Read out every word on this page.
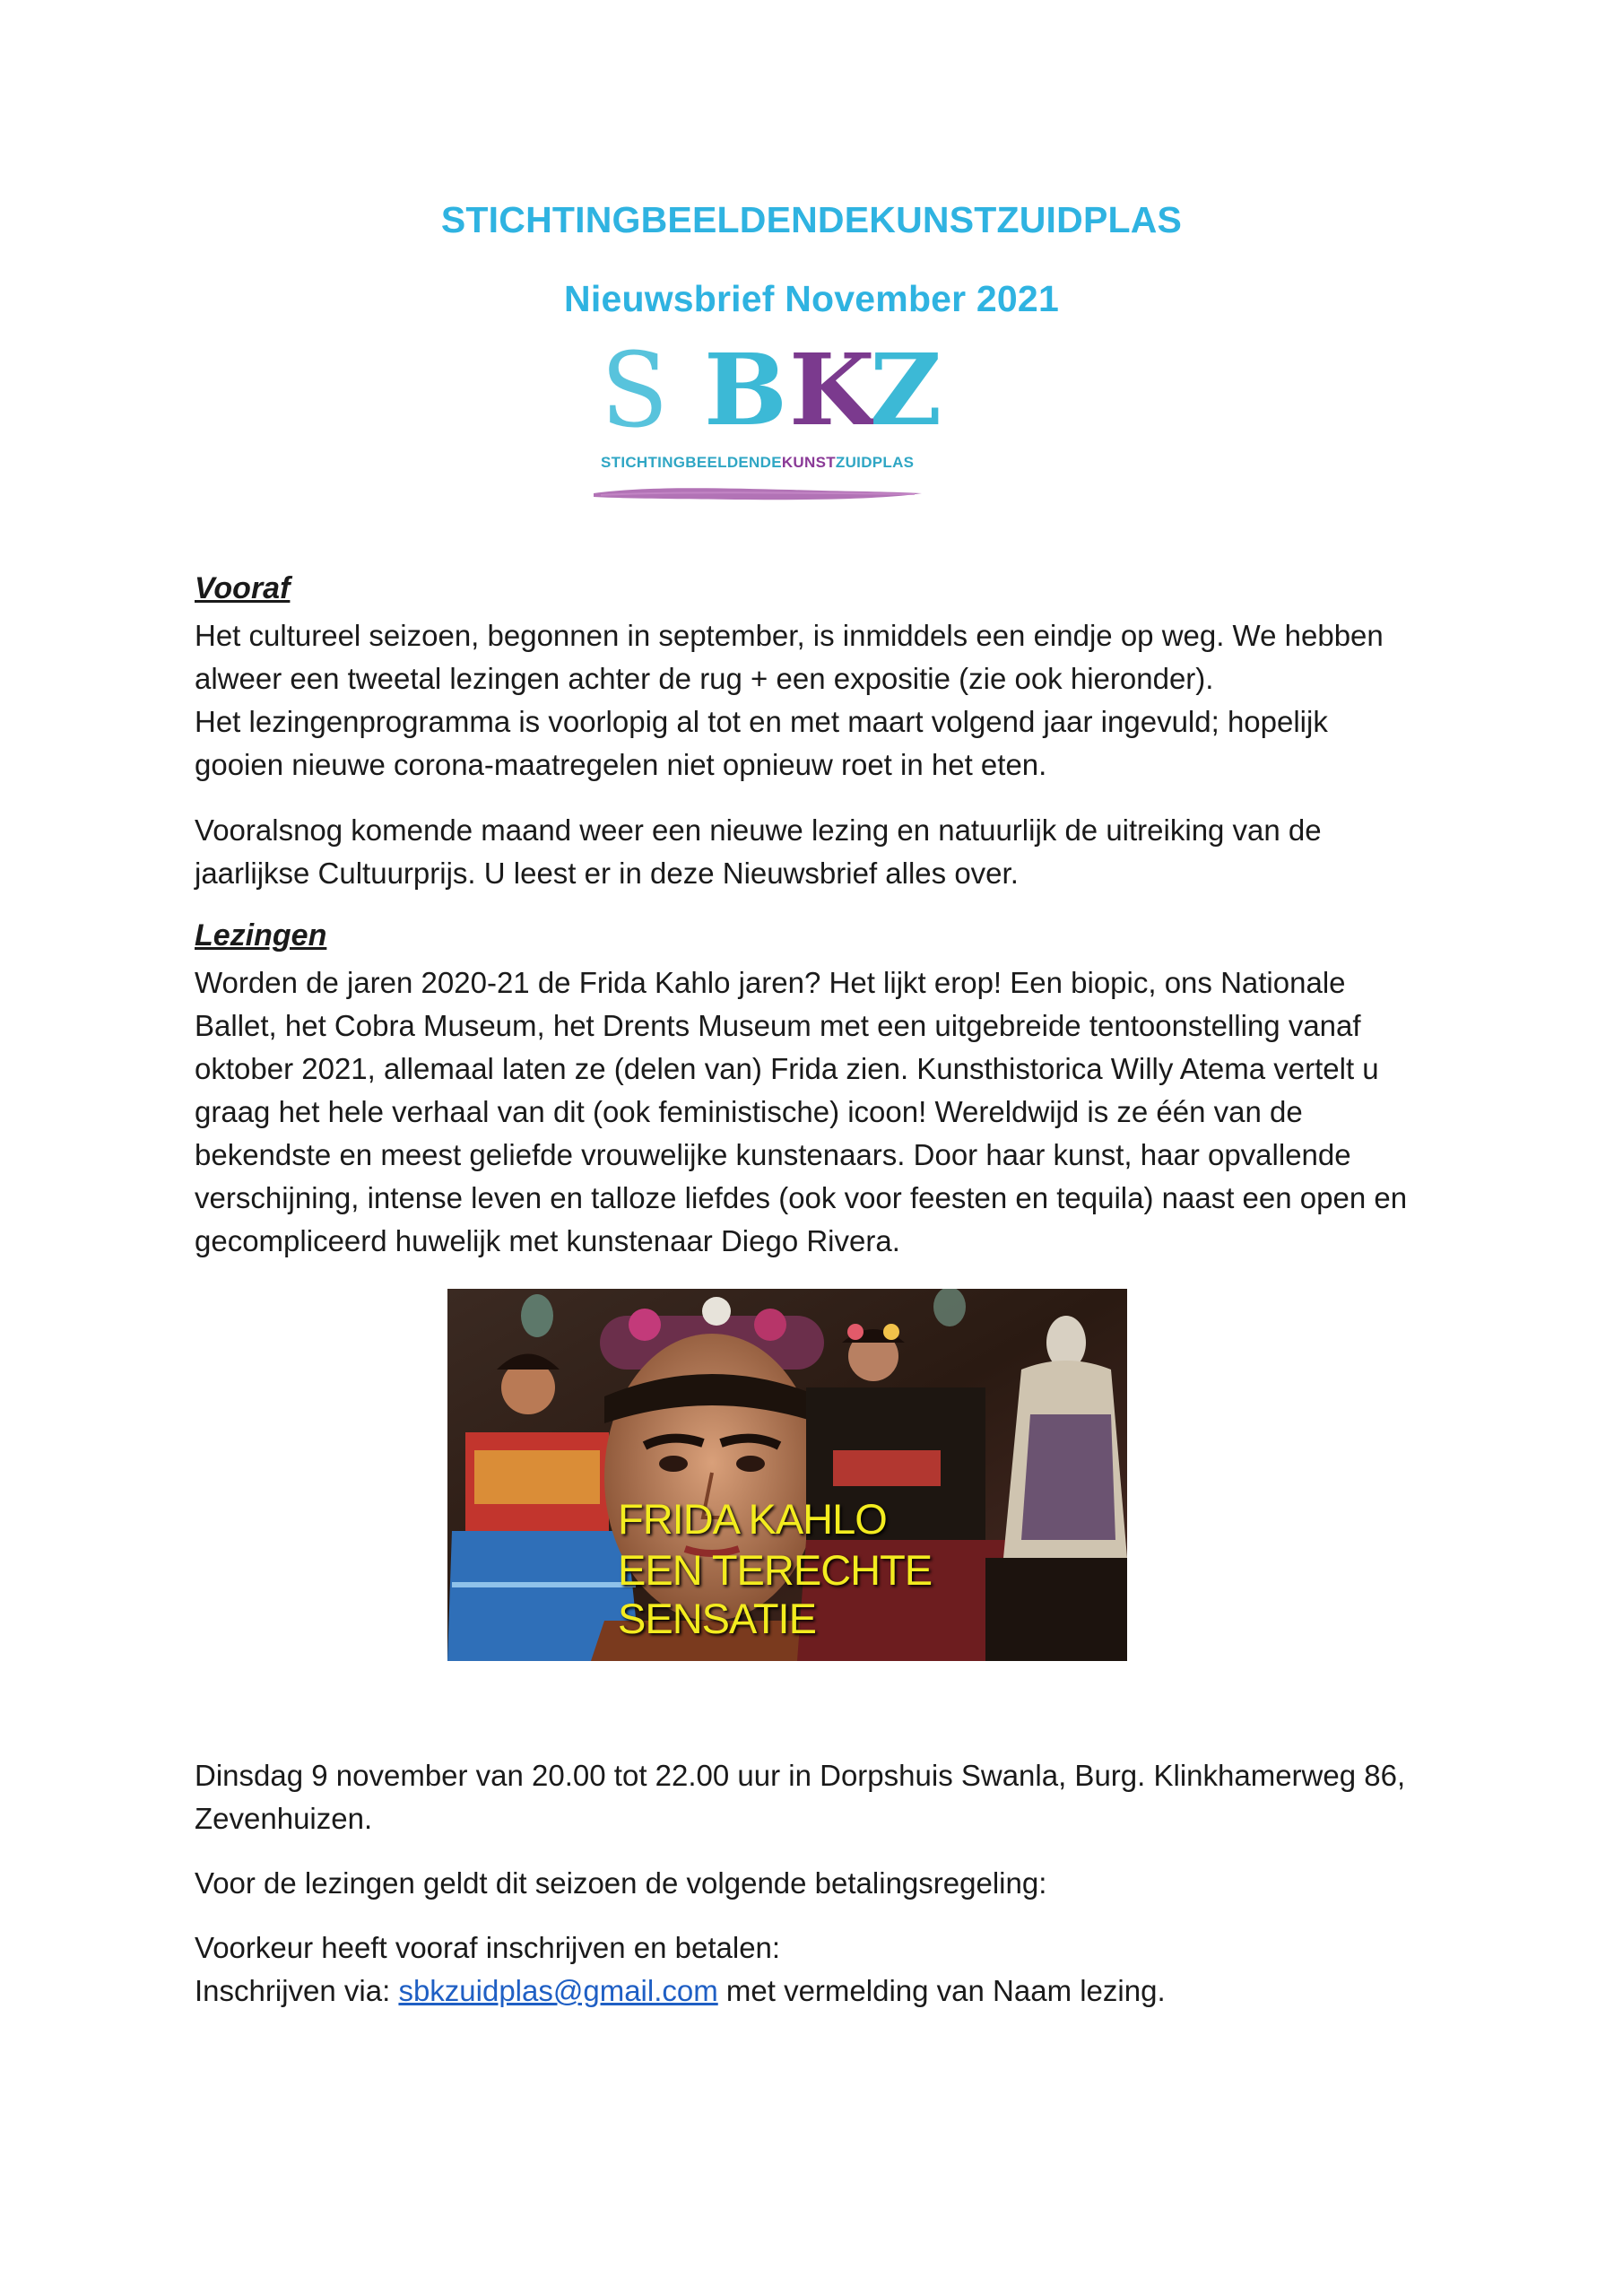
STICHTINGBEELDENDEKUNSTZUIDPLAS
Nieuwsbrief November 2021
S B K
Z
STICHTINGBEELDENDEKUNSTZUIDPLAS
Vooraf

Het cultureel seizoen, begonnen in september, is inmiddels een eindje op weg. We hebben
alweer een tweetal lezingen achter de rug + een expositie (zie ook hieronder).
Het lezingenprogramma is voorlopig al tot en met maart volgend jaar ingevuld; hopelijk
gooien nieuwe corona-maatregelen niet opnieuw roet in het eten.

Vooralsnog komende maand weer een nieuwe lezing en natuurlijk de uitreiking van de
jaarlijkse Cultuurprijs. U leest er in deze Nieuwsbrief alles over.

Lezingen

Worden de jaren 2020-21 de Frida Kahlo jaren? Het lijkt erop! Een biopic, ons Nationale
Ballet, het Cobra Museum, het Drents Museum met een uitgebreide tentoonstelling vanaf
oktober 2021, allemaal laten ze (delen van) Frida zien. Kunsthistorica Willy Atema vertelt u
graag het hele verhaal van dit (ook feministische) icoon! Wereldwijd is ze één van de
bekendste en meest geliefde vrouwelijke kunstenaars. Door haar kunst, haar opvallende
verschijning, intense leven en talloze liefdes (ook voor feesten en tequila) naast een open en
gecompliceerd huwelijk met kunstenaar Diego Rivera.

FRIDA KAHLO
EEN TERECHTE SENSATIE

Dinsdag 9 november van 20.00 tot 22.00 uur in Dorpshuis Swanla, Burg. Klinkhamerweg 86,
Zevenhuizen.

Voor de lezingen geldt dit seizoen de volgende betalingsregeling:

Voorkeur heeft vooraf inschrijven en betalen:
Inschrijven via: sbkzuidplas@gmail.com met vermelding van Naam lezing.
